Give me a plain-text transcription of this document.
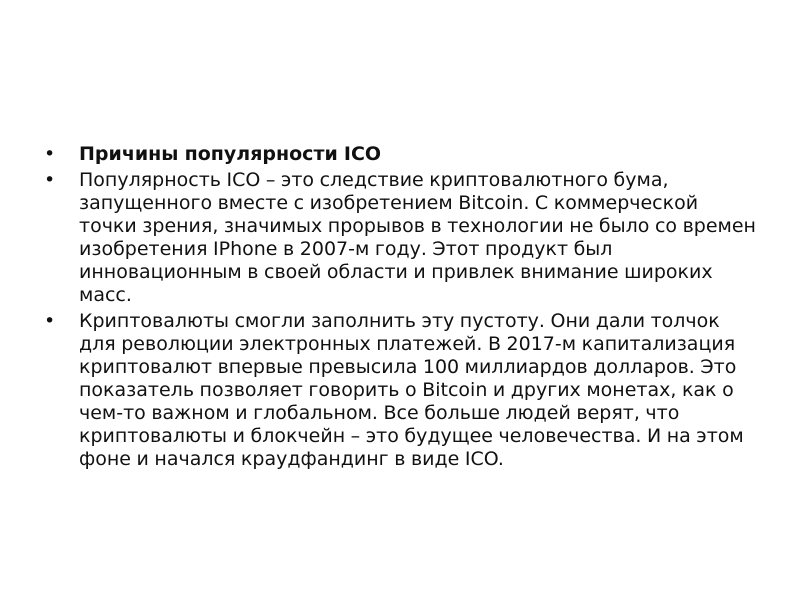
•	Причины популярности ICO
•	Популярность ICO – это следствие криптовалютного бума, запущенного вместе с изобретением Bitcoin. С коммерческой точки зрения, значимых прорывов в технологии не было со времен изобретения IPhone в 2007-м году. Этот продукт был инновационным в своей области и привлек внимание широких масс.
•	Криптовалюты смогли заполнить эту пустоту. Они дали толчок для революции электронных платежей. В 2017-м капитализация криптовалют впервые превысила 100 миллиардов долларов. Это показатель позволяет говорить о Bitcoin и других монетах, как о чем-то важном и глобальном. Все больше людей верят, что криптовалюты и блокчейн – это будущее человечества. И на этом фоне и начался краудфандинг в виде ICO.
